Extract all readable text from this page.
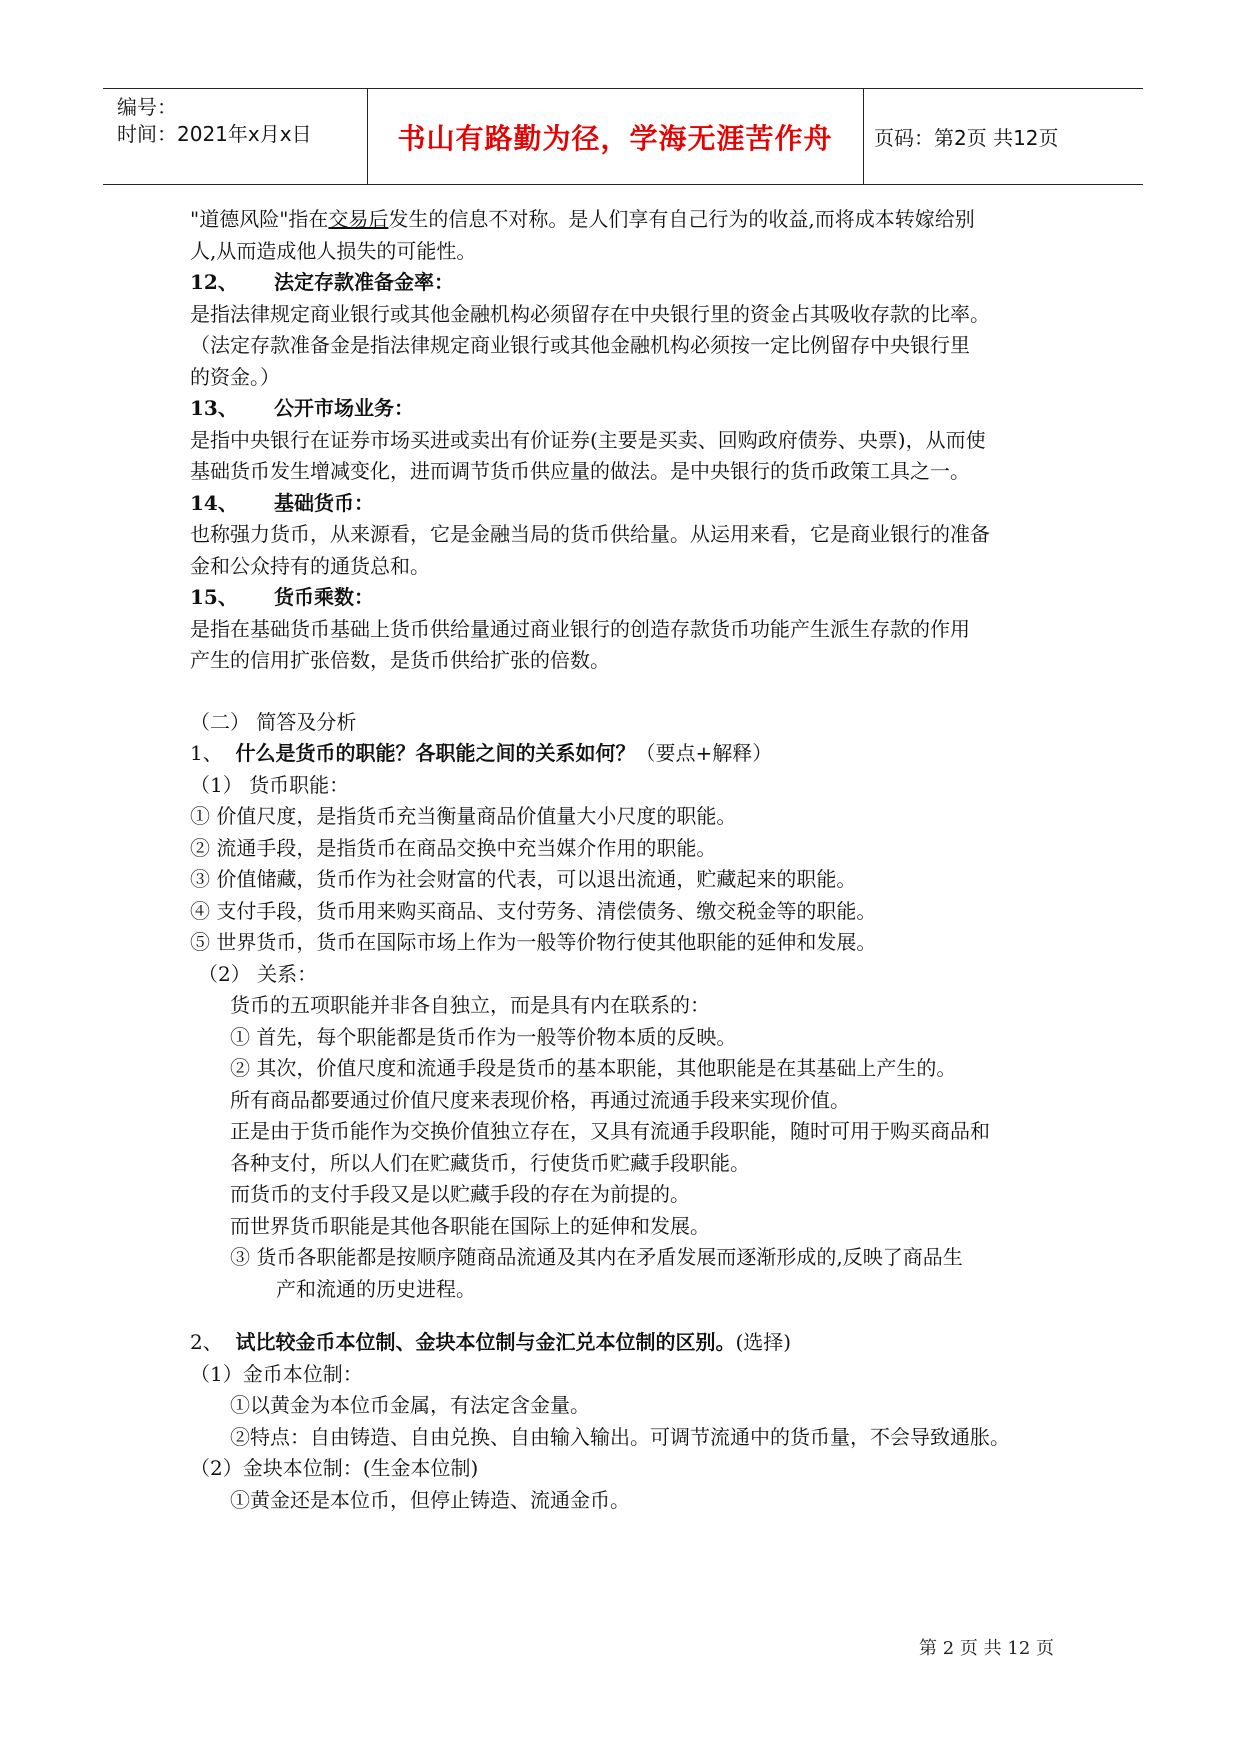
编号：
时间：2021年x月x日	书山有路勤为径，学海无涯苦作舟	页码：第2页 共12页

"道德风险"指在交易后发生的信息不对称。是人们享有自己行为的收益,而将成本转嫁给别

人,从而造成他人损失的可能性。

12、 法定存款准备金率：

是指法律规定商业银行或其他金融机构必须留存在中央银行里的资金占其吸收存款的比率。

（法定存款准备金是指法律规定商业银行或其他金融机构必须按一定比例留存中央银行里

的资金。）

13、 公开市场业务：

是指中央银行在证券市场买进或卖出有价证券(主要是买卖、回购政府债券、央票)，从而使

基础货币发生增减变化，进而调节货币供应量的做法。是中央银行的货币政策工具之一。

14、 基础货币：

也称强力货币，从来源看，它是金融当局的货币供给量。从运用来看，它是商业银行的准备

金和公众持有的通货总和。

15、 货币乘数：

是指在基础货币基础上货币供给量通过商业银行的创造存款货币功能产生派生存款的作用

产生的信用扩张倍数，是货币供给扩张的倍数。

（二） 简答及分析

1、 什么是货币的职能？各职能之间的关系如何？（要点+解释）

（1） 货币职能：

① 价值尺度，是指货币充当衡量商品价值量大小尺度的职能。

② 流通手段，是指货币在商品交换中充当媒介作用的职能。

③ 价值储藏，货币作为社会财富的代表，可以退出流通，贮藏起来的职能。

④ 支付手段，货币用来购买商品、支付劳务、清偿债务、缴交税金等的职能。

⑤ 世界货币，货币在国际市场上作为一般等价物行使其他职能的延伸和发展。

（2） 关系：

货币的五项职能并非各自独立，而是具有内在联系的：

① 首先，每个职能都是货币作为一般等价物本质的反映。

② 其次，价值尺度和流通手段是货币的基本职能，其他职能是在其基础上产生的。

所有商品都要通过价值尺度来表现价格，再通过流通手段来实现价值。

正是由于货币能作为交换价值独立存在，又具有流通手段职能，随时可用于购买商品和

各种支付，所以人们在贮藏货币，行使货币贮藏手段职能。

而货币的支付手段又是以贮藏手段的存在为前提的。

而世界货币职能是其他各职能在国际上的延伸和发展。

③ 货币各职能都是按顺序随商品流通及其内在矛盾发展而逐渐形成的,反映了商品生

产和流通的历史进程。

2、 试比较金币本位制、金块本位制与金汇兑本位制的区别。(选择)

（1）金币本位制：

①以黄金为本位币金属，有法定含金量。

②特点：自由铸造、自由兑换、自由输入输出。可调节流通中的货币量，不会导致通胀。

（2）金块本位制：(生金本位制)

①黄金还是本位币，但停止铸造、流通金币。

第 2 页 共 12 页
